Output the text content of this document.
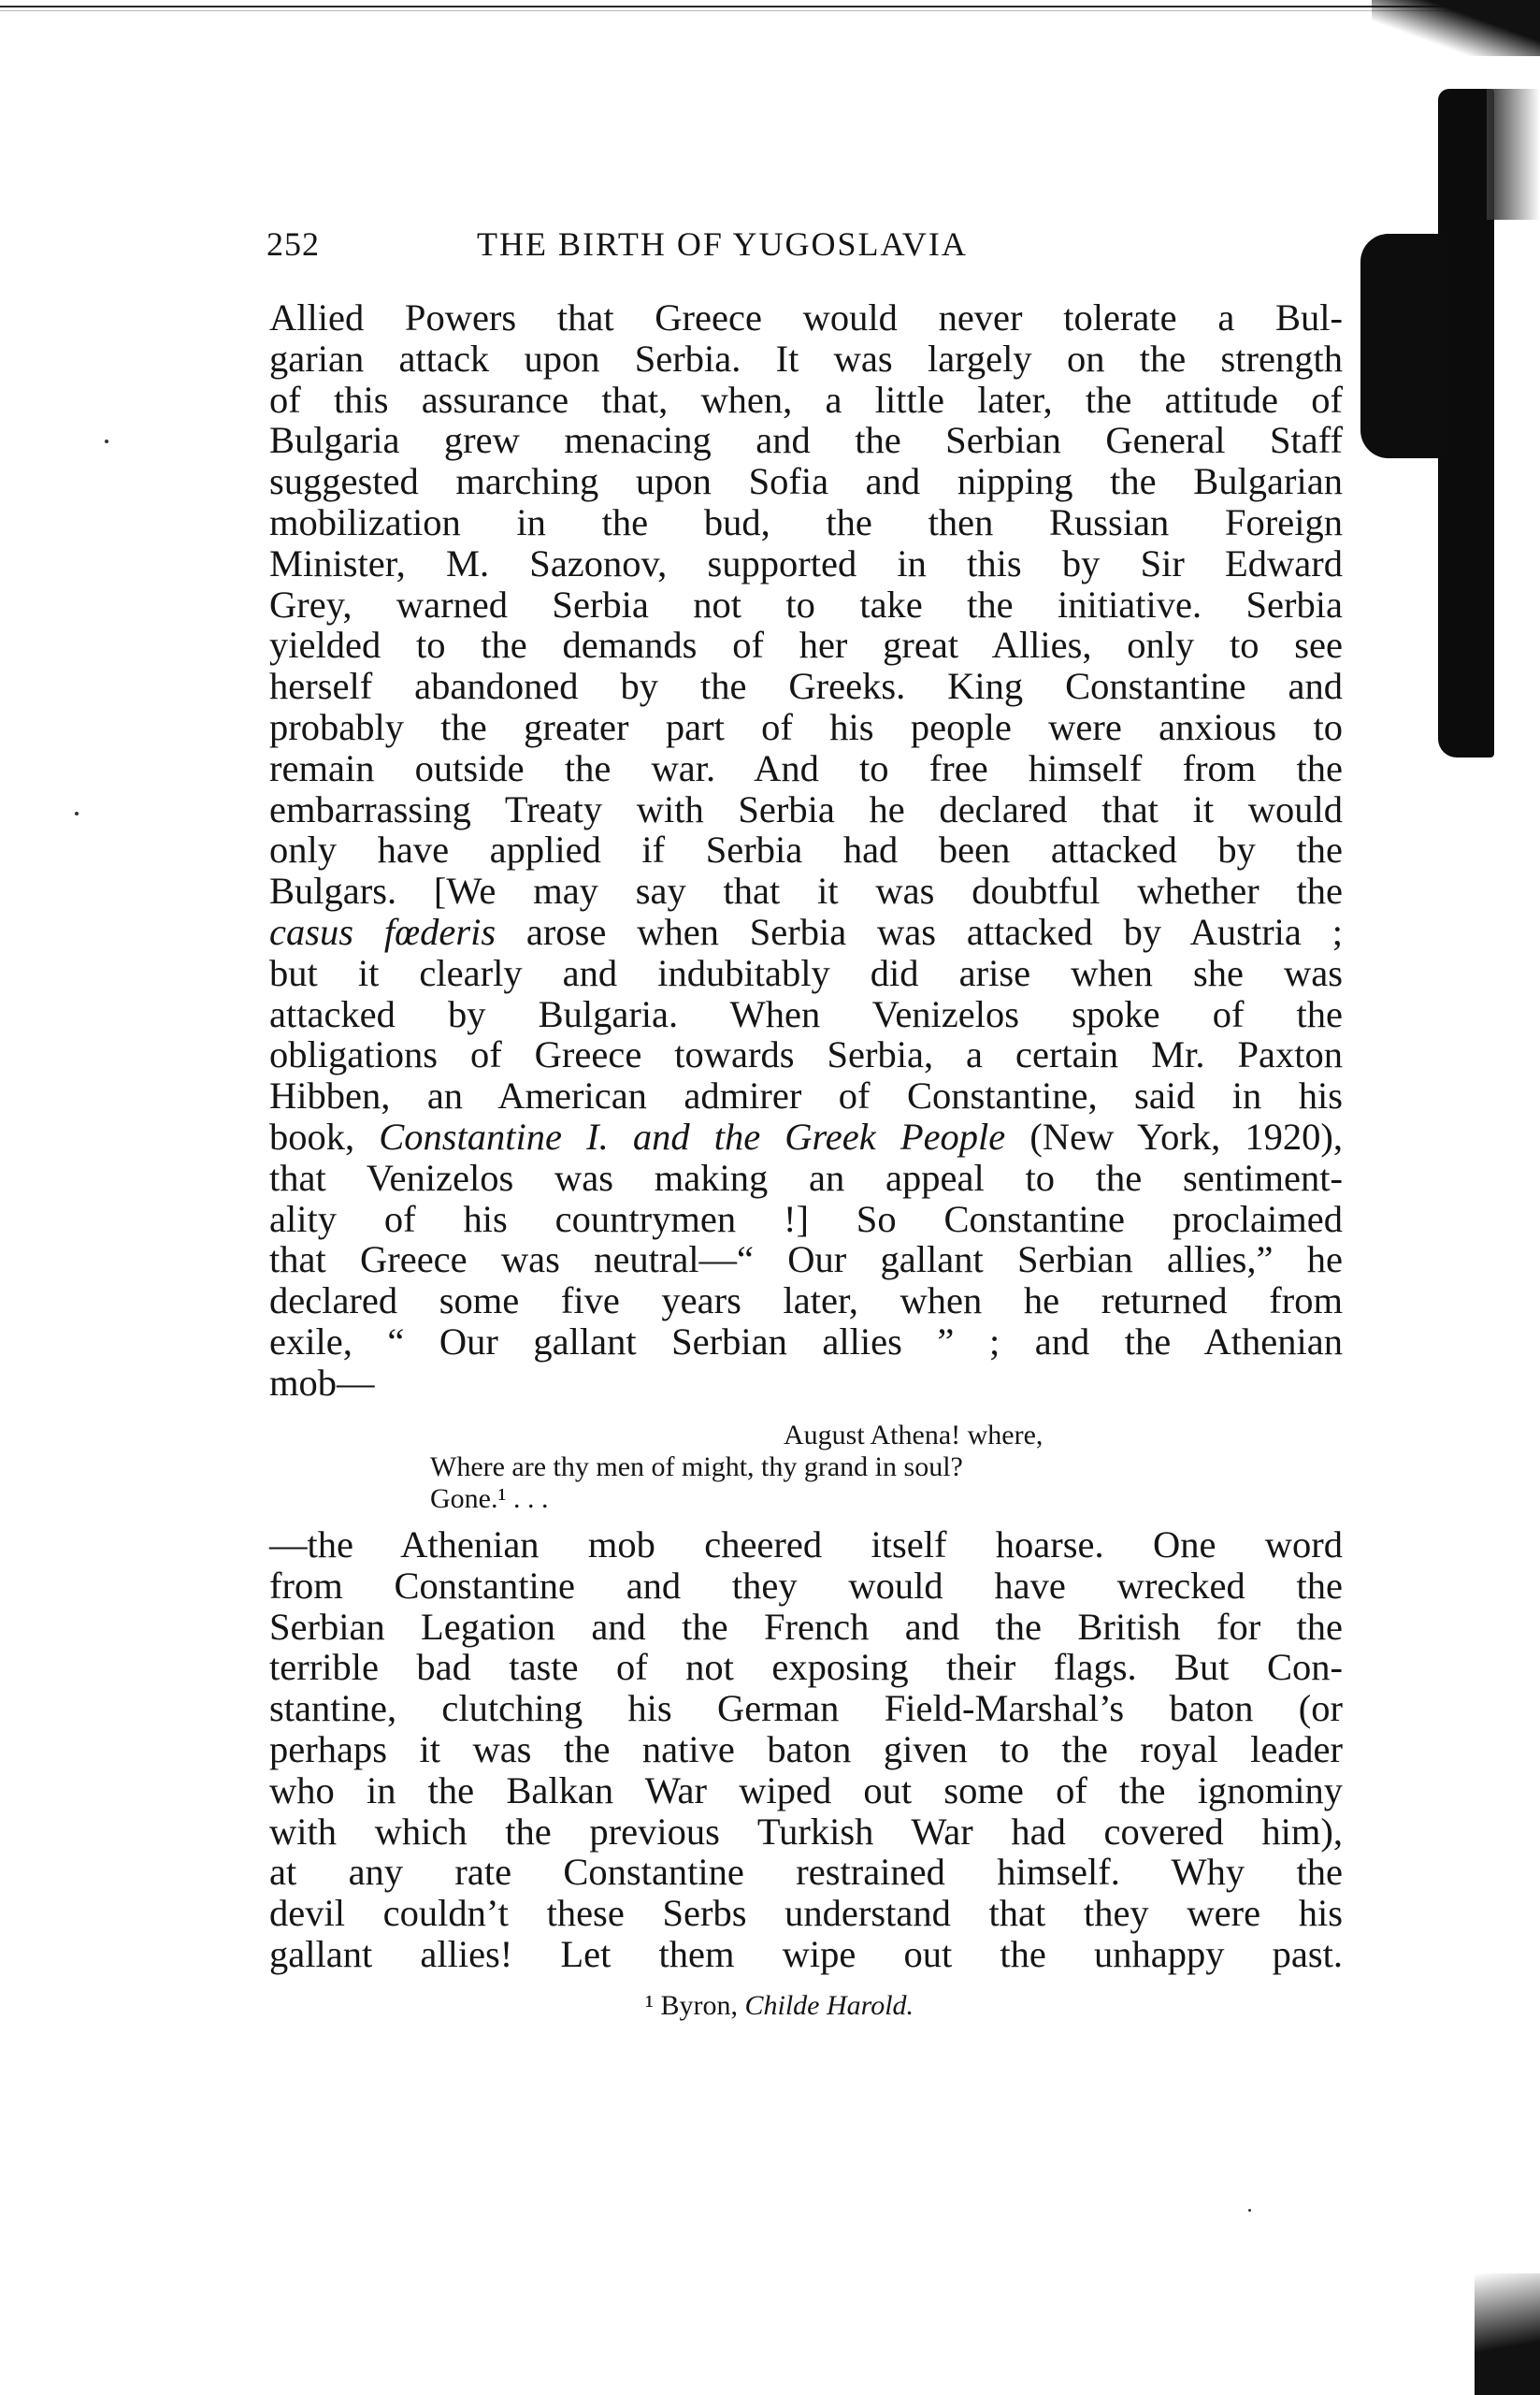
252	THE BIRTH OF YUGOSLAVIA
Allied Powers that Greece would never tolerate a Bul-
garian attack upon Serbia. It was largely on the strength
of this assurance that, when, a little later, the attitude of
Bulgaria grew menacing and the Serbian General Staff
suggested marching upon Sofia and nipping the Bulgarian
mobilization in the bud, the then Russian Foreign
Minister, M. Sazonov, supported in this by Sir Edward
Grey, warned Serbia not to take the initiative. Serbia
yielded to the demands of her great Allies, only to see
herself abandoned by the Greeks. King Constantine and
probably the greater part of his people were anxious to
remain outside the war. And to free himself from the
embarrassing Treaty with Serbia he declared that it would
only have applied if Serbia had been attacked by the
Bulgars. [We may say that it was doubtful whether the
casus fœderis arose when Serbia was attacked by Austria ;
but it clearly and indubitably did arise when she was
attacked by Bulgaria. When Venizelos spoke of the
obligations of Greece towards Serbia, a certain Mr. Paxton
Hibben, an American admirer of Constantine, said in his
book, Constantine I. and the Greek People (New York, 1920),
that Venizelos was making an appeal to the sentiment-
ality of his countrymen !] So Constantine proclaimed
that Greece was neutral—“ Our gallant Serbian allies,” he
declared some five years later, when he returned from
exile, “ Our gallant Serbian allies ” ; and the Athenian
mob—
August Athena! where,
Where are thy men of might, thy grand in soul?
Gone.¹ . . .
—the Athenian mob cheered itself hoarse. One word
from Constantine and they would have wrecked the
Serbian Legation and the French and the British for the
terrible bad taste of not exposing their flags. But Con-
stantine, clutching his German Field-Marshal’s baton (or
perhaps it was the native baton given to the royal leader
who in the Balkan War wiped out some of the ignominy
with which the previous Turkish War had covered him),
at any rate Constantine restrained himself. Why the
devil couldn’t these Serbs understand that they were his
gallant allies! Let them wipe out the unhappy past.
¹ Byron, Childe Harold.
